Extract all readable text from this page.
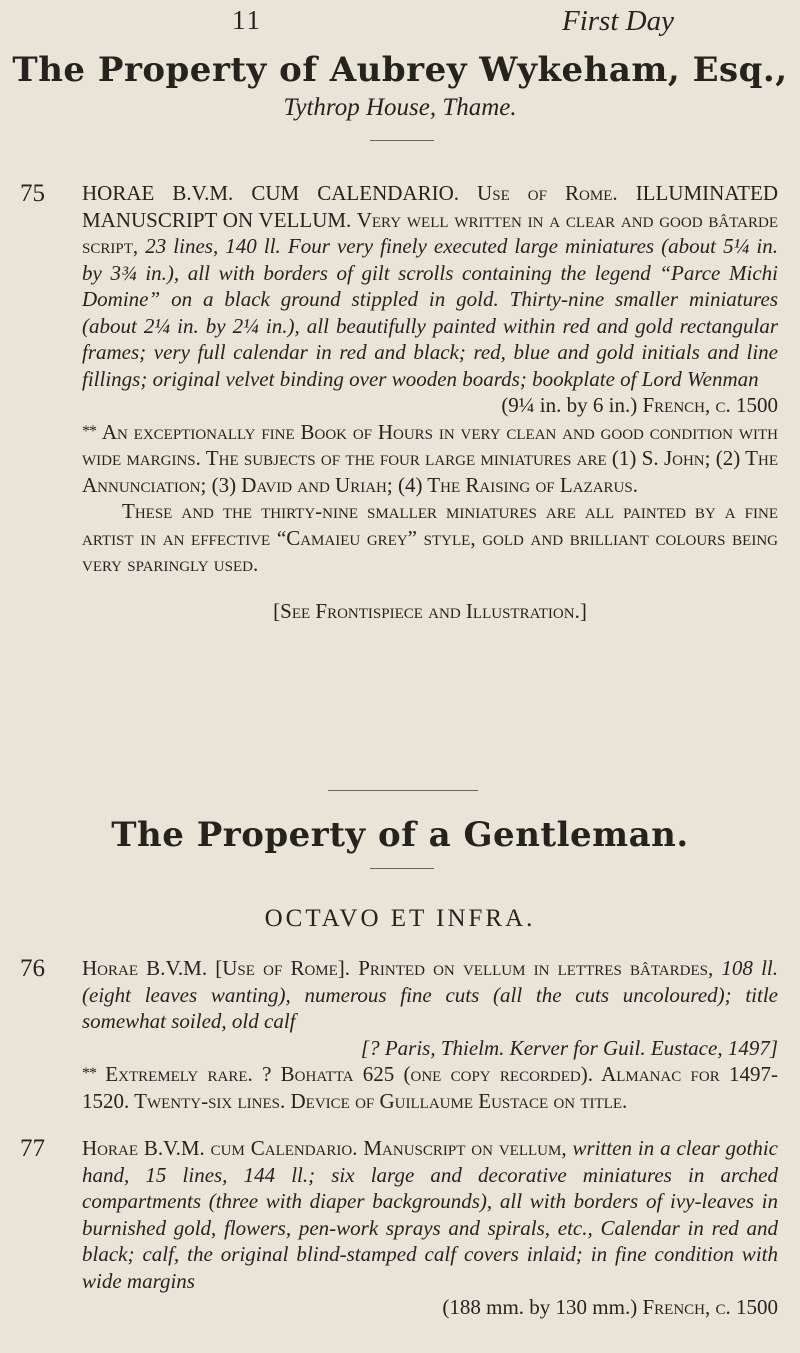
11	First Day
The Property of Aubrey Wykeham, Esq.,
Tythrop House, Thame.
75 HORAE B.V.M. CUM CALENDARIO. Use of Rome. ILLUMINATED MANUSCRIPT ON VELLUM. Very well written in a clear and good bâtarde script, 23 lines, 140 ll. Four very finely executed large miniatures (about 5¼ in. by 3¾ in.), all with borders of gilt scrolls containing the legend “Parce Michi Domine” on a black ground stippled in gold. Thirty-nine smaller miniatures (about 2¼ in. by 2¼ in.), all beautifully painted within red and gold rectangular frames; very full calendar in red and black; red, blue and gold initials and line fillings; original velvet binding over wooden boards; bookplate of Lord Wenman

(9¼ in. by 6 in.) French, c. 1500

** An exceptionally fine Book of Hours in very clean and good condition with wide margins. The subjects of the four large miniatures are (1) S. John; (2) The Annunciation; (3) David and Uriah; (4) The Raising of Lazarus.

These and the thirty-nine smaller miniatures are all painted by a fine artist in an effective “Camaieu grey” style, gold and brilliant colours being very sparingly used.

[See Frontispiece and Illustration.]

The Property of a Gentleman.
OCTAVO ET INFRA.
76 Horae B.V.M. [Use of Rome]. Printed on vellum in lettres bâtardes, 108 ll. (eight leaves wanting), numerous fine cuts (all the cuts uncoloured); title somewhat soiled, old calf

[? Paris, Thielm. Kerver for Guil. Eustace, 1497]

** Extremely rare. ? Bohatta 625 (one copy recorded). Almanac for 1497-1520. Twenty-six lines. Device of Guillaume Eustace on title.

77 Horae B.V.M. cum Calendario. Manuscript on vellum, written in a clear gothic hand, 15 lines, 144 ll.; six large and decorative miniatures in arched compartments (three with diaper backgrounds), all with borders of ivy-leaves in burnished gold, flowers, pen-work sprays and spirals, etc., Calendar in red and black; calf, the original blind-stamped calf covers inlaid; in fine condition with wide margins

(188 mm. by 130 mm.) French, c. 1500
